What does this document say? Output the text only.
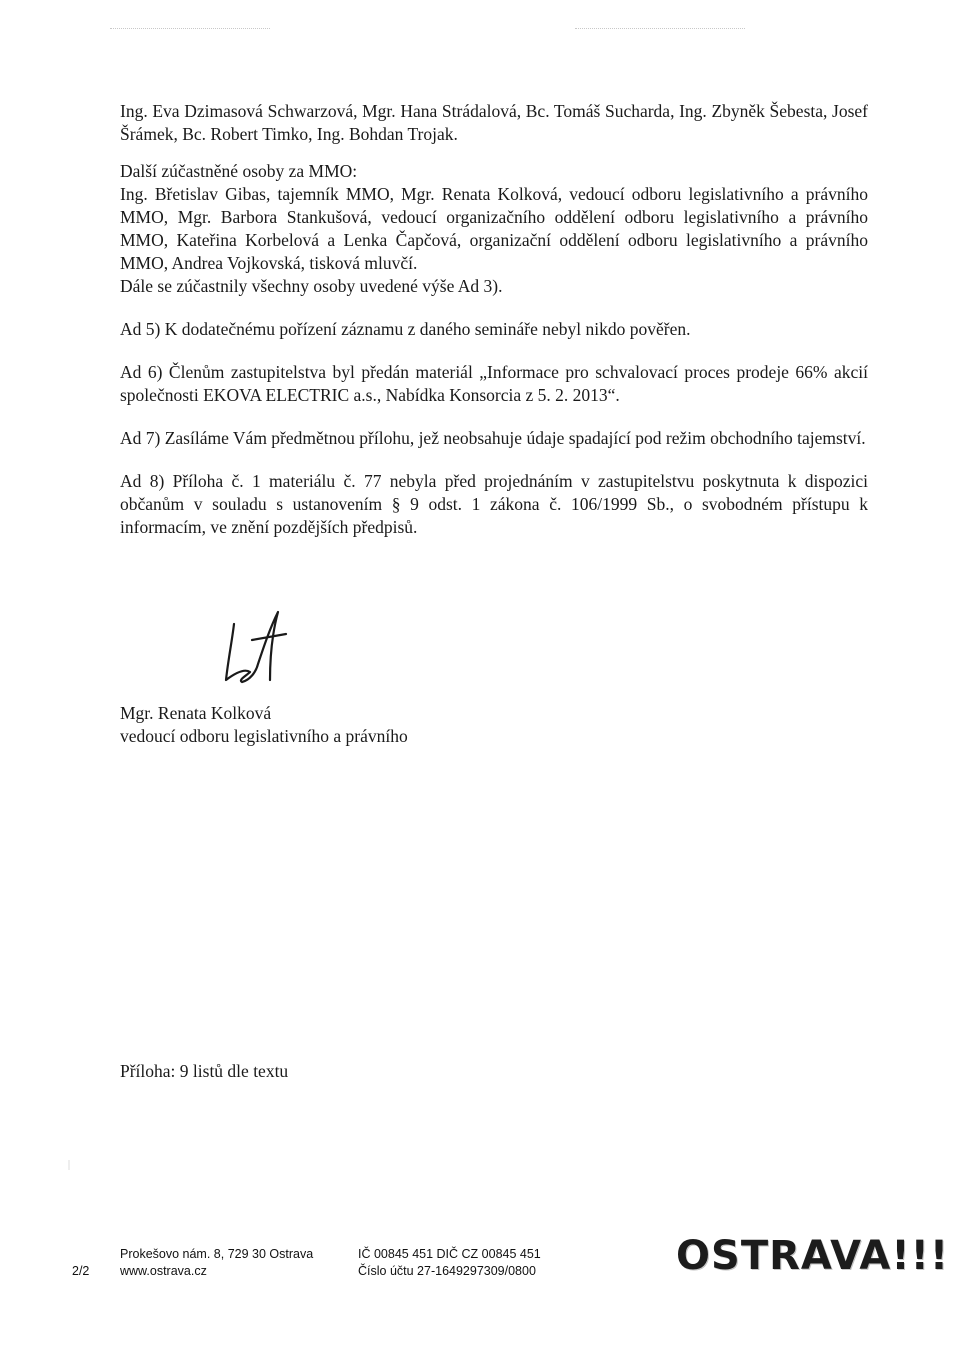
Ing. Eva Dzimasová Schwarzová, Mgr. Hana Strádalová, Bc. Tomáš Sucharda, Ing. Zbyněk Šebesta, Josef Šrámek, Bc. Robert Timko, Ing. Bohdan Trojak.

Další zúčastněné osoby za MMO:

Ing. Břetislav Gibas, tajemník MMO, Mgr. Renata Kolková, vedoucí odboru legislativního a právního MMO, Mgr. Barbora Stankušová, vedoucí organizačního oddělení odboru legislativního a právního MMO, Kateřina Korbelová a Lenka Čapčová, organizační oddělení odboru legislativního a právního MMO, Andrea Vojkovská, tisková mluvčí.

Dále se zúčastnily všechny osoby uvedené výše Ad 3).

Ad 5) K dodatečnému pořízení záznamu z daného semináře nebyl nikdo pověřen.

Ad 6) Členům zastupitelstva byl předán materiál „Informace pro schvalovací proces prodeje 66% akcií společnosti EKOVA ELECTRIC a.s., Nabídka Konsorcia z 5. 2. 2013“.

Ad 7) Zasíláme Vám předmětnou přílohu, jež neobsahuje údaje spadající pod režim obchodního tajemství.

Ad 8) Příloha č. 1 materiálu č. 77 nebyla před projednáním v zastupitelstvu poskytnuta k dispozici občanům v souladu s ustanovením § 9 odst. 1 zákona č. 106/1999 Sb., o svobodném přístupu k informacím, ve znění pozdějších předpisů.

Mgr. Renata Kolková
vedoucí odboru legislativního a právního
Příloha: 9 listů dle textu
2/2
Prokešovo nám. 8, 729 30 Ostrava
www.ostrava.cz
IČ 00845 451 DIČ CZ 00845 451
Číslo účtu 27-1649297309/0800	OSTRAVA!!!
